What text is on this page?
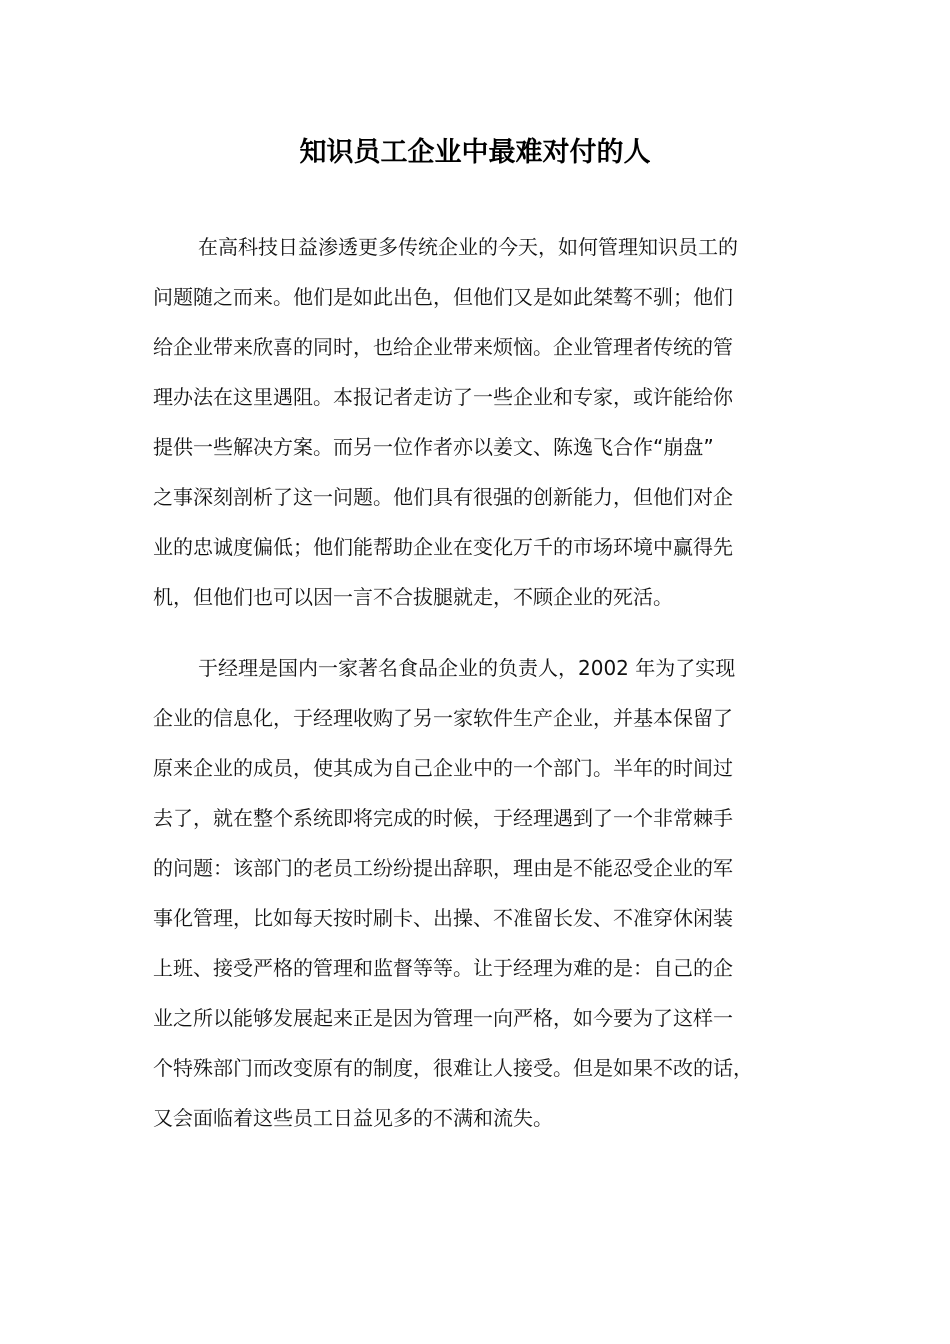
知识员工企业中最难对付的人
在高科技日益渗透更多传统企业的今天，如何管理知识员工的
问题随之而来。他们是如此出色，但他们又是如此桀骜不驯；他们
给企业带来欣喜的同时，也给企业带来烦恼。企业管理者传统的管
理办法在这里遇阻。本报记者走访了一些企业和专家，或许能给你
提供一些解决方案。而另一位作者亦以姜文、陈逸飞合作“崩盘”
之事深刻剖析了这一问题。他们具有很强的创新能力，但他们对企
业的忠诚度偏低；他们能帮助企业在变化万千的市场环境中赢得先
机，但他们也可以因一言不合拔腿就走，不顾企业的死活。
于经理是国内一家著名食品企业的负责人，2002 年为了实现
企业的信息化，于经理收购了另一家软件生产企业，并基本保留了
原来企业的成员，使其成为自己企业中的一个部门。半年的时间过
去了，就在整个系统即将完成的时候，于经理遇到了一个非常棘手
的问题：该部门的老员工纷纷提出辞职，理由是不能忍受企业的军
事化管理，比如每天按时刷卡、出操、不准留长发、不准穿休闲装
上班、接受严格的管理和监督等等。让于经理为难的是：自己的企
业之所以能够发展起来正是因为管理一向严格，如今要为了这样一
个特殊部门而改变原有的制度，很难让人接受。但是如果不改的话，
又会面临着这些员工日益见多的不满和流失。
